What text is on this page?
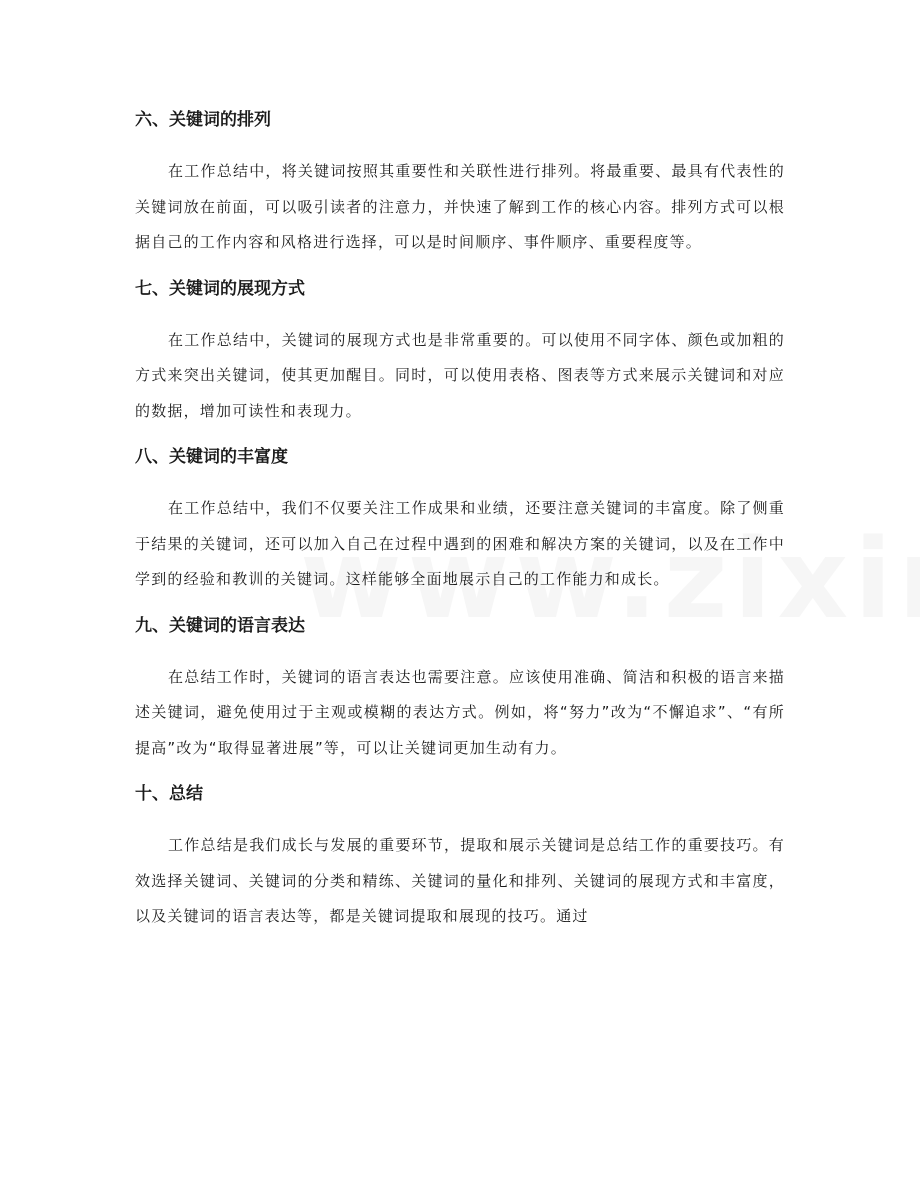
六、关键词的排列

在工作总结中，将关键词按照其重要性和关联性进行排列。将最重要、最具有代表性的关键词放在前面，可以吸引读者的注意力，并快速了解到工作的核心内容。排列方式可以根据自己的工作内容和风格进行选择，可以是时间顺序、事件顺序、重要程度等。

七、关键词的展现方式

在工作总结中，关键词的展现方式也是非常重要的。可以使用不同字体、颜色或加粗的方式来突出关键词，使其更加醒目。同时，可以使用表格、图表等方式来展示关键词和对应的数据，增加可读性和表现力。

八、关键词的丰富度

在工作总结中，我们不仅要关注工作成果和业绩，还要注意关键词的丰富度。除了侧重于结果的关键词，还可以加入自己在过程中遇到的困难和解决方案的关键词，以及在工作中学到的经验和教训的关键词。这样能够全面地展示自己的工作能力和成长。

九、关键词的语言表达

在总结工作时，关键词的语言表达也需要注意。应该使用准确、简洁和积极的语言来描述关键词，避免使用过于主观或模糊的表达方式。例如，将“努力”改为“不懈追求”、“有所提高”改为“取得显著进展”等，可以让关键词更加生动有力。

十、总结

工作总结是我们成长与发展的重要环节，提取和展示关键词是总结工作的重要技巧。有效选择关键词、关键词的分类和精练、关键词的量化和排列、关键词的展现方式和丰富度，以及关键词的语言表达等，都是关键词提取和展现的技巧。通过
